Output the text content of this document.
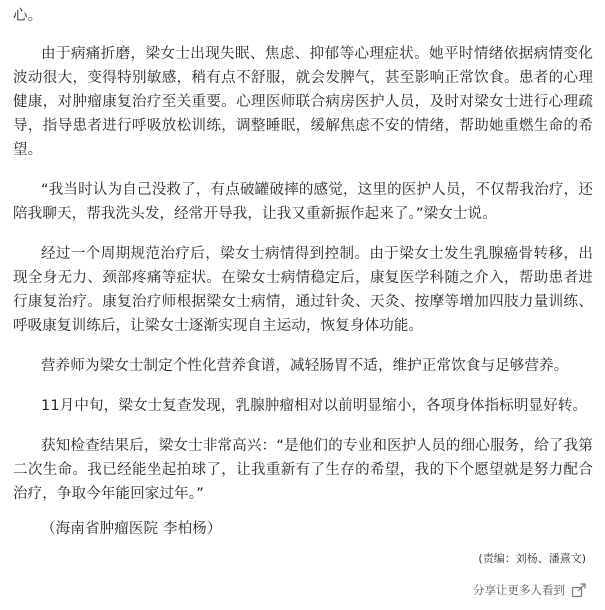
心。

由于病痛折磨，梁女士出现失眠、焦虑、抑郁等心理症状。她平时情绪依据病情变化波动很大，变得特别敏感，稍有点不舒服，就会发脾气，甚至影响正常饮食。患者的心理健康，对肿瘤康复治疗至关重要。心理医师联合病房医护人员，及时对梁女士进行心理疏导，指导患者进行呼吸放松训练，调整睡眠，缓解焦虑不安的情绪，帮助她重燃生命的希望。

“我当时认为自己没救了，有点破罐破摔的感觉，这里的医护人员，不仅帮我治疗，还陪我聊天，帮我洗头发，经常开导我，让我又重新振作起来了。”梁女士说。

经过一个周期规范治疗后，梁女士病情得到控制。由于梁女士发生乳腺癌骨转移，出现全身无力、颈部疼痛等症状。在梁女士病情稳定后，康复医学科随之介入，帮助患者进行康复治疗。康复治疗师根据梁女士病情，通过针灸、天灸、按摩等增加四肢力量训练、呼吸康复训练后，让梁女士逐渐实现自主运动，恢复身体功能。

营养师为梁女士制定个性化营养食谱，减轻肠胃不适，维护正常饮食与足够营养。

11月中旬，梁女士复查发现，乳腺肿瘤相对以前明显缩小，各项身体指标明显好转。

获知检查结果后，梁女士非常高兴：“是他们的专业和医护人员的细心服务，给了我第二次生命。我已经能坐起拍球了，让我重新有了生存的希望，我的下个愿望就是努力配合治疗，争取今年能回家过年。”

（海南省肿瘤医院 李柏杨）
(责编：刘杨、潘熹文)
分享让更多人看到
